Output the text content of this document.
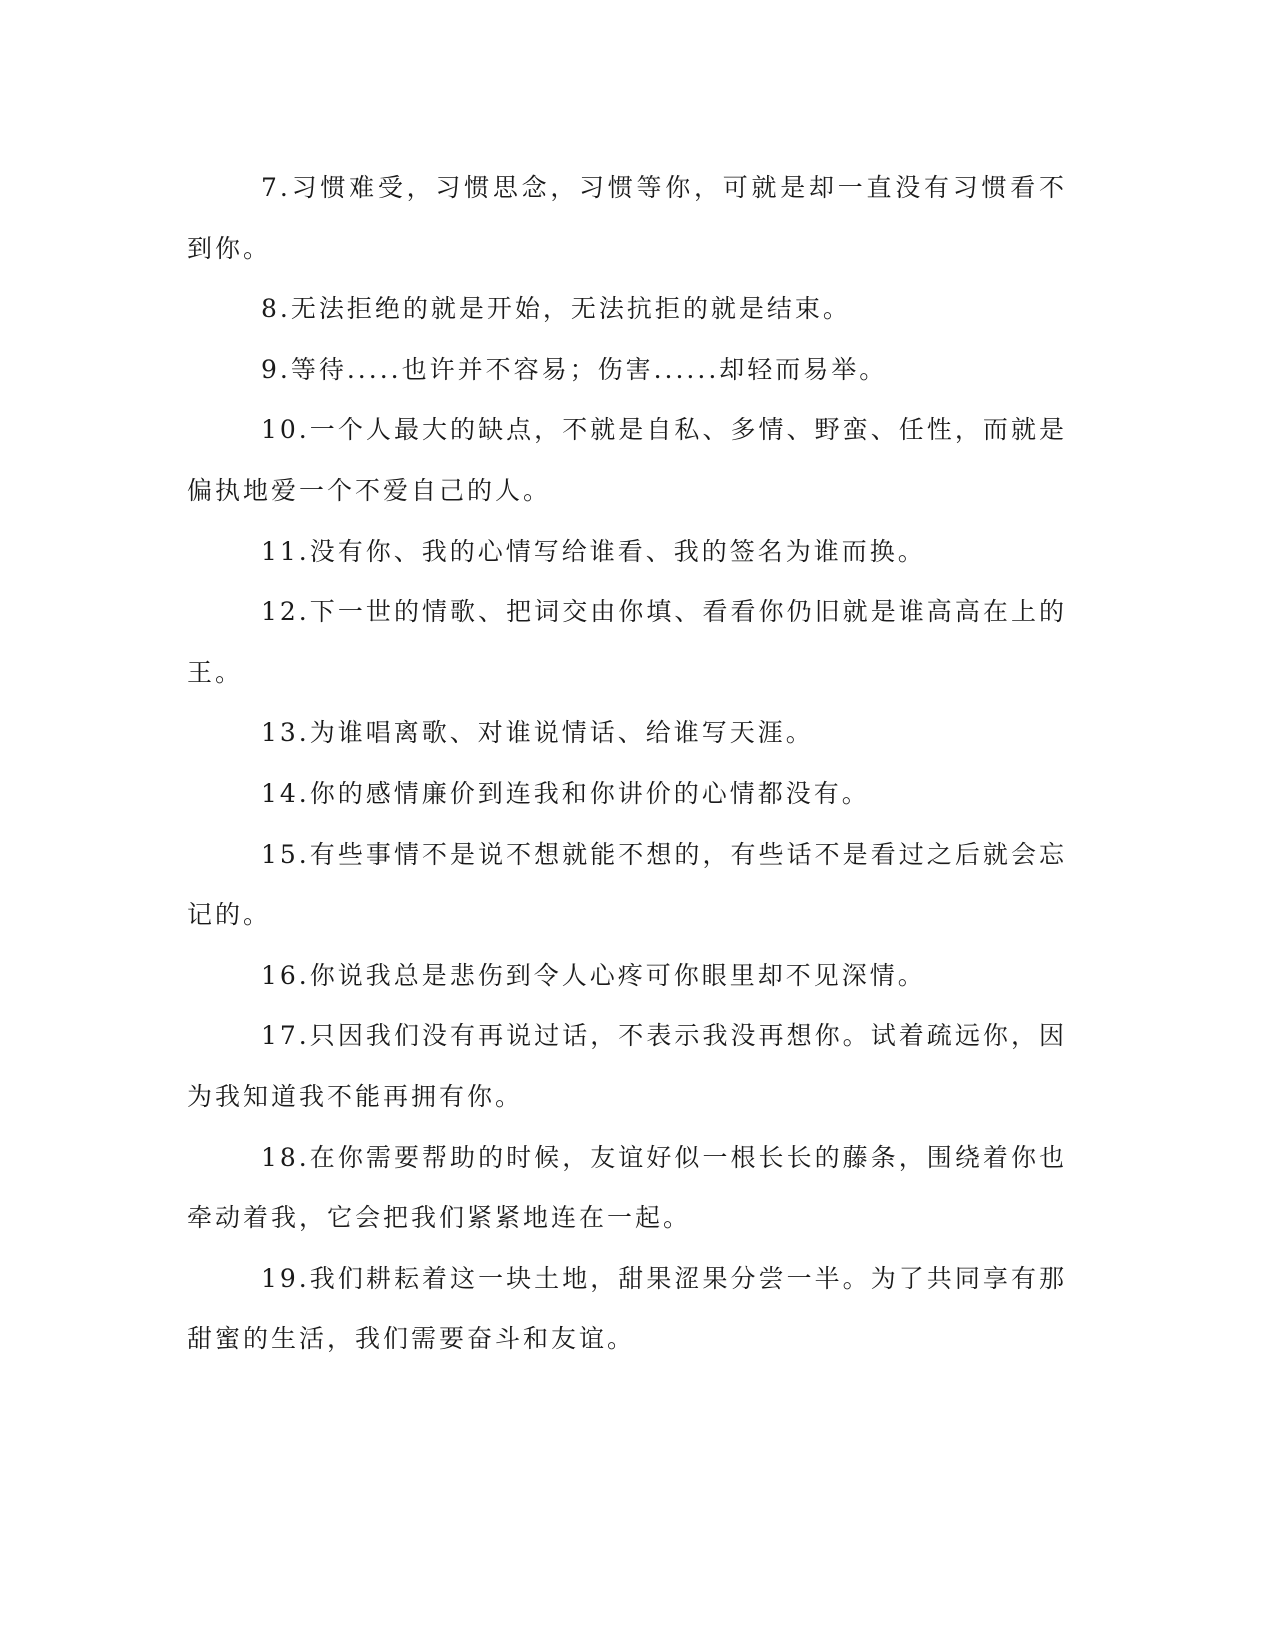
7.习惯难受，习惯思念，习惯等你，可就是却一直没有习惯看不到你。

8.无法拒绝的就是开始，无法抗拒的就是结束。

9.等待.....也许并不容易；伤害......却轻而易举。

10.一个人最大的缺点，不就是自私、多情、野蛮、任性，而就是偏执地爱一个不爱自己的人。

11.没有你、我的心情写给谁看、我的签名为谁而换。

12.下一世的情歌、把词交由你填、看看你仍旧就是谁高高在上的王。

13.为谁唱离歌、对谁说情话、给谁写天涯。

14.你的感情廉价到连我和你讲价的心情都没有。

15.有些事情不是说不想就能不想的，有些话不是看过之后就会忘记的。

16.你说我总是悲伤到令人心疼可你眼里却不见深情。

17.只因我们没有再说过话，不表示我没再想你。试着疏远你，因为我知道我不能再拥有你。

18.在你需要帮助的时候，友谊好似一根长长的藤条，围绕着你也牵动着我，它会把我们紧紧地连在一起。

19.我们耕耘着这一块土地，甜果涩果分尝一半。为了共同享有那甜蜜的生活，我们需要奋斗和友谊。
